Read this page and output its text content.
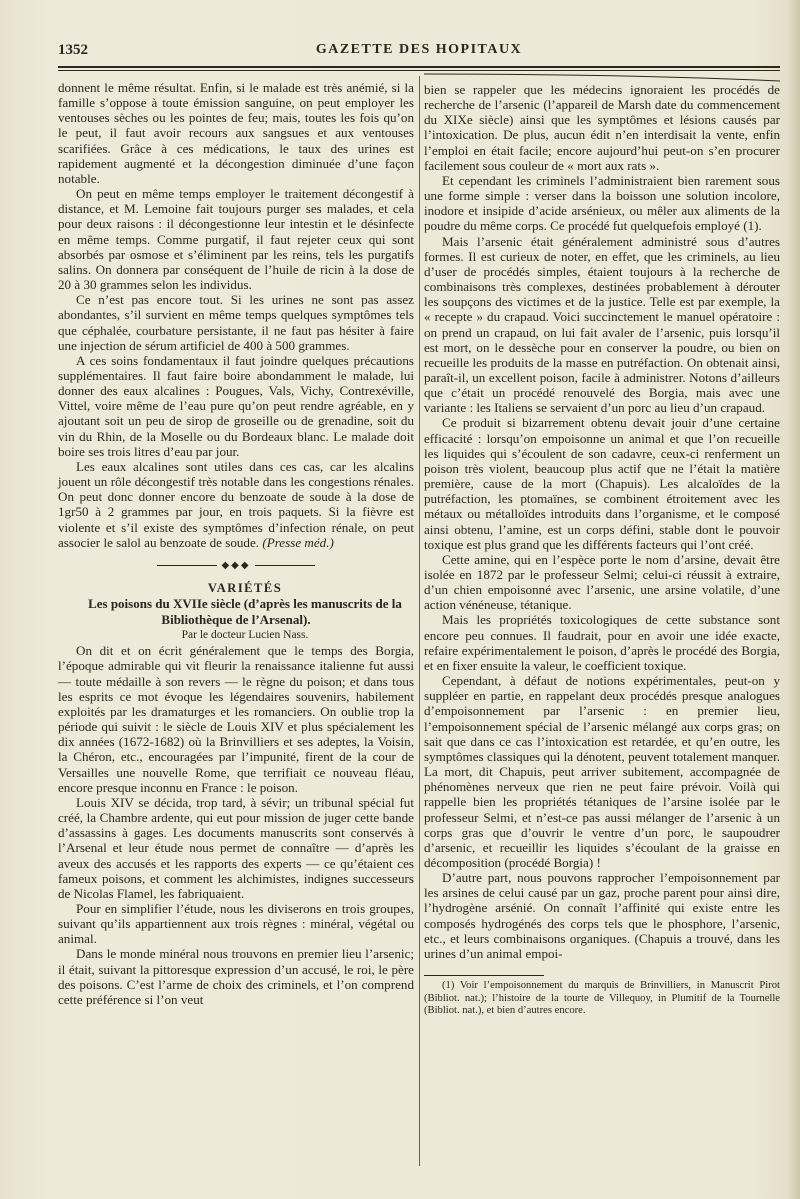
1352	GAZETTE DES HOPITAUX

donnent le même résultat. Enfin, si le malade est très anémié, si la famille s’oppose à toute émission sanguine, on peut employer les ventouses sèches ou les pointes de feu; mais, toutes les fois qu’on le peut, il faut avoir recours aux sangsues et aux ventouses scarifiées. Grâce à ces médications, le taux des urines est rapidement augmenté et la décongestion diminuée d’une façon notable.

On peut en même temps employer le traitement décongestif à distance, et M. Lemoine fait toujours purger ses malades, et cela pour deux raisons : il décongestionne leur intestin et le désinfecte en même temps. Comme purgatif, il faut rejeter ceux qui sont absorbés par osmose et s’éliminent par les reins, tels les purgatifs salins. On donnera par conséquent de l’huile de ricin à la dose de 20 à 30 grammes selon les individus.

Ce n’est pas encore tout. Si les urines ne sont pas assez abondantes, s’il survient en même temps quelques symptômes tels que céphalée, courbature persistante, il ne faut pas hésiter à faire une injection de sérum artificiel de 400 à 500 grammes.

A ces soins fondamentaux il faut joindre quelques précautions supplémentaires. Il faut faire boire abondamment le malade, lui donner des eaux alcalines : Pougues, Vals, Vichy, Contrexéville, Vittel, voire même de l’eau pure qu’on peut rendre agréable, en y ajoutant soit un peu de sirop de groseille ou de grenadine, soit du vin du Rhin, de la Moselle ou du Bordeaux blanc. Le malade doit boire ses trois litres d’eau par jour.

Les eaux alcalines sont utiles dans ces cas, car les alcalins jouent un rôle décongestif très notable dans les congestions rénales. On peut donc donner encore du benzoate de soude à la dose de 1gr50 à 2 grammes par jour, en trois paquets. Si la fièvre est violente et s’il existe des symptômes d’infection rénale, on peut associer le salol au benzoate de soude. (Presse méd.)

◆◆◆

VARIÉTÉS

Les poisons du XVIIe siècle (d’après les manuscrits de la Bibliothèque de l’Arsenal).

Par le docteur Lucien Nass.

On dit et on écrit généralement que le temps des Borgia, l’époque admirable qui vit fleurir la renaissance italienne fut aussi — toute médaille à son revers — le règne du poison; et dans tous les esprits ce mot évoque les légendaires souvenirs, habilement exploités par les dramaturges et les romanciers. On oublie trop la période qui suivit : le siècle de Louis XIV et plus spécialement les dix années (1672-1682) où la Brinvilliers et ses adeptes, la Voisin, la Chéron, etc., encouragées par l’impunité, firent de la cour de Versailles une nouvelle Rome, que terrifiait ce nouveau fléau, encore presque inconnu en France : le poison.

Louis XIV se décida, trop tard, à sévir; un tribunal spécial fut créé, la Chambre ardente, qui eut pour mission de juger cette bande d’assassins à gages. Les documents manuscrits sont conservés à l’Arsenal et leur étude nous permet de connaître — d’après les aveux des accusés et les rapports des experts — ce qu’étaient ces fameux poisons, et comment les alchimistes, indignes successeurs de Nicolas Flamel, les fabriquaient.

Pour en simplifier l’étude, nous les diviserons en trois groupes, suivant qu’ils appartiennent aux trois règnes : minéral, végétal ou animal.

Dans le monde minéral nous trouvons en premier lieu l’arsenic; il était, suivant la pittoresque expression d’un accusé, le roi, le père des poisons. C’est l’arme de choix des criminels, et l’on comprend cette préférence si l’on veut

bien se rappeler que les médecins ignoraient les procédés de recherche de l’arsenic (l’appareil de Marsh date du commencement du XIXe siècle) ainsi que les symptômes et lésions causés par l’intoxication. De plus, aucun édit n’en interdisait la vente, enfin l’emploi en était facile; encore aujourd’hui peut-on s’en procurer facilement sous couleur de « mort aux rats ».

Et cependant les criminels l’administraient bien rarement sous une forme simple : verser dans la boisson une solution incolore, inodore et insipide d’acide arsénieux, ou mêler aux aliments de la poudre du même corps. Ce procédé fut quelquefois employé (1).

Mais l’arsenic était généralement administré sous d’autres formes. Il est curieux de noter, en effet, que les criminels, au lieu d’user de procédés simples, étaient toujours à la recherche de combinaisons très complexes, destinées probablement à dérouter les soupçons des victimes et de la justice. Telle est par exemple, la « recepte » du crapaud. Voici succinctement le manuel opératoire : on prend un crapaud, on lui fait avaler de l’arsenic, puis lorsqu’il est mort, on le dessèche pour en conserver la poudre, ou bien on recueille les produits de la masse en putréfaction. On obtenait ainsi, paraît-il, un excellent poison, facile à administrer. Notons d’ailleurs que c’était un procédé renouvelé des Borgia, mais avec une variante : les Italiens se servaient d’un porc au lieu d’un crapaud.

Ce produit si bizarrement obtenu devait jouir d’une certaine efficacité : lorsqu’on empoisonne un animal et que l’on recueille les liquides qui s’écoulent de son cadavre, ceux-ci renferment un poison très violent, beaucoup plus actif que ne l’était la matière première, cause de la mort (Chapuis). Les alcaloïdes de la putréfaction, les ptomaïnes, se combinent étroitement avec les métaux ou métalloïdes introduits dans l’organisme, et le composé ainsi obtenu, l’amine, est un corps défini, stable dont le pouvoir toxique est plus grand que les différents facteurs qui l’ont créé.

Cette amine, qui en l’espèce porte le nom d’arsine, devait être isolée en 1872 par le professeur Selmi; celui-ci réussit à extraire, d’un chien empoisonné avec l’arsenic, une arsine volatile, d’une action vénéneuse, tétanique.

Mais les propriétés toxicologiques de cette substance sont encore peu connues. Il faudrait, pour en avoir une idée exacte, refaire expérimentalement le poison, d’après le procédé des Borgia, et en fixer ensuite la valeur, le coefficient toxique.

Cependant, à défaut de notions expérimentales, peut-on y suppléer en partie, en rappelant deux procédés presque analogues d’empoisonnement par l’arsenic : en premier lieu, l’empoisonnement spécial de l’arsenic mélangé aux corps gras; on sait que dans ce cas l’intoxication est retardée, et qu’en outre, les symptômes classiques qui la dénotent, peuvent totalement manquer. La mort, dit Chapuis, peut arriver subitement, accompagnée de phénomènes nerveux que rien ne peut faire prévoir. Voilà qui rappelle bien les propriétés tétaniques de l’arsine isolée par le professeur Selmi, et n’est-ce pas aussi mélanger de l’arsenic à un corps gras que d’ouvrir le ventre d’un porc, le saupoudrer d’arsenic, et recueillir les liquides s’écoulant de la graisse en décomposition (procédé Borgia) !

D’autre part, nous pouvons rapprocher l’empoisonnement par les arsines de celui causé par un gaz, proche parent pour ainsi dire, l’hydrogène arsénié. On connaît l’affinité qui existe entre les composés hydrogénés des corps tels que le phosphore, l’arsenic, etc., et leurs combinaisons organiques. (Chapuis a trouvé, dans les urines d’un animal empoi-

(1) Voir l’empoisonnement du marquis de Brinvilliers, in Manuscrit Pirot (Bibliot. nat.); l’histoire de la tourte de Villequoy, in Plumitif de la Tournelle (Bibliot. nat.), et bien d’autres encore.
